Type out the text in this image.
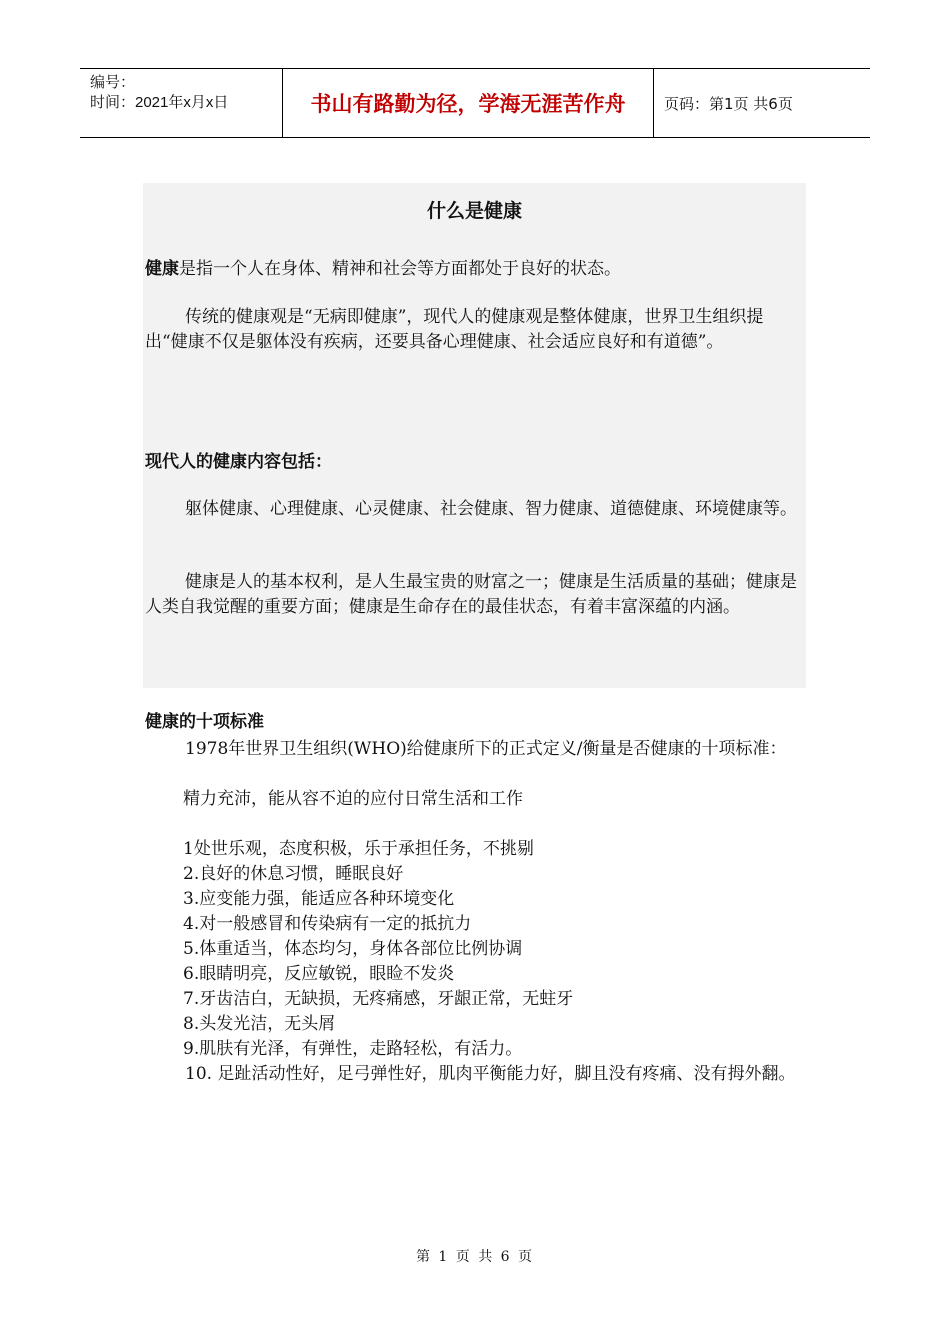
编号：
时间：2021年x月x日	书山有路勤为径，学海无涯苦作舟	页码：第1页 共6页
什么是健康
健康是指一个人在身体、精神和社会等方面都处于良好的状态。
传统的健康观是“无病即健康”，现代人的健康观是整体健康，世界卫生组织提出“健康不仅是躯体没有疾病，还要具备心理健康、社会适应良好和有道德”。
现代人的健康内容包括：
躯体健康、心理健康、心灵健康、社会健康、智力健康、道德健康、环境健康等。
健康是人的基本权利，是人生最宝贵的财富之一；健康是生活质量的基础；健康是人类自我觉醒的重要方面；健康是生命存在的最佳状态，有着丰富深蕴的内涵。
健康的十项标准
1978年世界卫生组织(WHO)给健康所下的正式定义/衡量是否健康的十项标准：
精力充沛，能从容不迫的应付日常生活和工作
1处世乐观，态度积极，乐于承担任务，不挑剔
2.良好的休息习惯，睡眠良好
3.应变能力强，能适应各种环境变化
4.对一般感冒和传染病有一定的抵抗力
5.体重适当，体态均匀，身体各部位比例协调
6.眼睛明亮，反应敏锐，眼睑不发炎
7.牙齿洁白，无缺损，无疼痛感，牙龈正常，无蛀牙
8.头发光洁，无头屑
9.肌肤有光泽，有弹性，走路轻松，有活力。
10. 足趾活动性好，足弓弹性好，肌肉平衡能力好，脚且没有疼痛、没有拇外翻。
第 1 页 共 6 页
